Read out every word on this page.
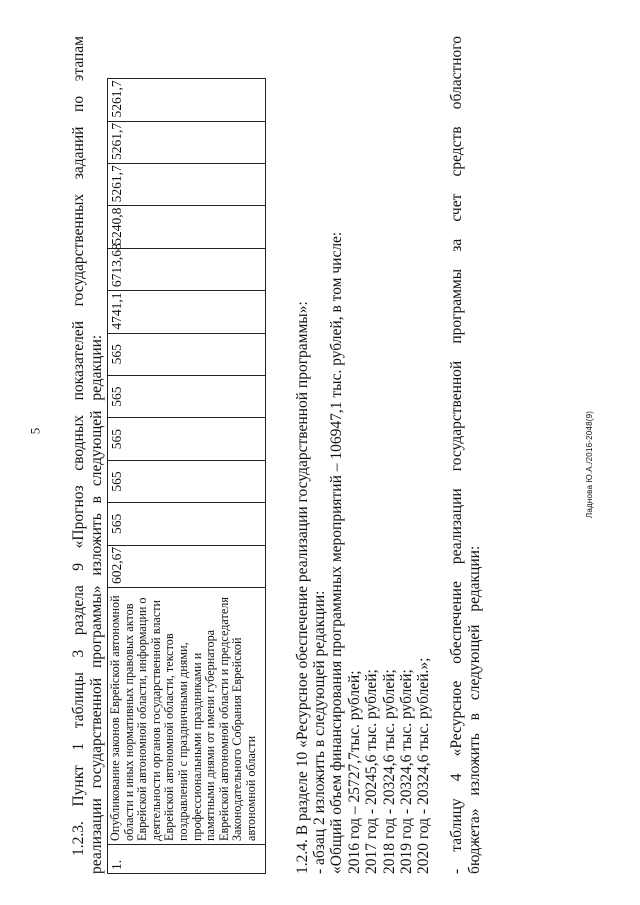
5	Ладнова Ю.А./2016-2048(9)

1.2.3. Пункт 1 таблицы 3 раздела 9 «Прогноз сводных показателей государственных заданий по этапам реализации государственной программы» изложить в следующей редакции: 1.	Опубликование законов Еврейской автономной области и иных нормативных правовых актов Еврейской автономной области, информации о деятельности органов государственной власти Еврейской автономной области, текстов поздравлений с праздничными днями, профессиональными праздниками и памятными днями от имени губернатора Еврейской автономной области и председателя Законодательного Собрания Еврейской автономной области	602,67	565	565	565	565	565	4741,1	6713,68	5240,8	5261,7	5261,7	5261,7
1.2.4. В разделе 10 «Ресурсное обеспечение реализации государственной программы»: - абзац 2 изложить в следующей редакции: «Общий объем финансирования программных мероприятий – 106947,1 тыс. рублей, в том числе: 2016 год – 25727,7тыс. рублей; 2017 год - 20245,6 тыс. рублей; 2018 год - 20324,6 тыс. рублей; 2019 год - 20324,6 тыс. рублей; 2020 год - 20324,6 тыс. рублей.»; - таблицу 4 «Ресурсное обеспечение реализации государственной программы за счет средств областного бюджета» изложить в следующей редакции:
